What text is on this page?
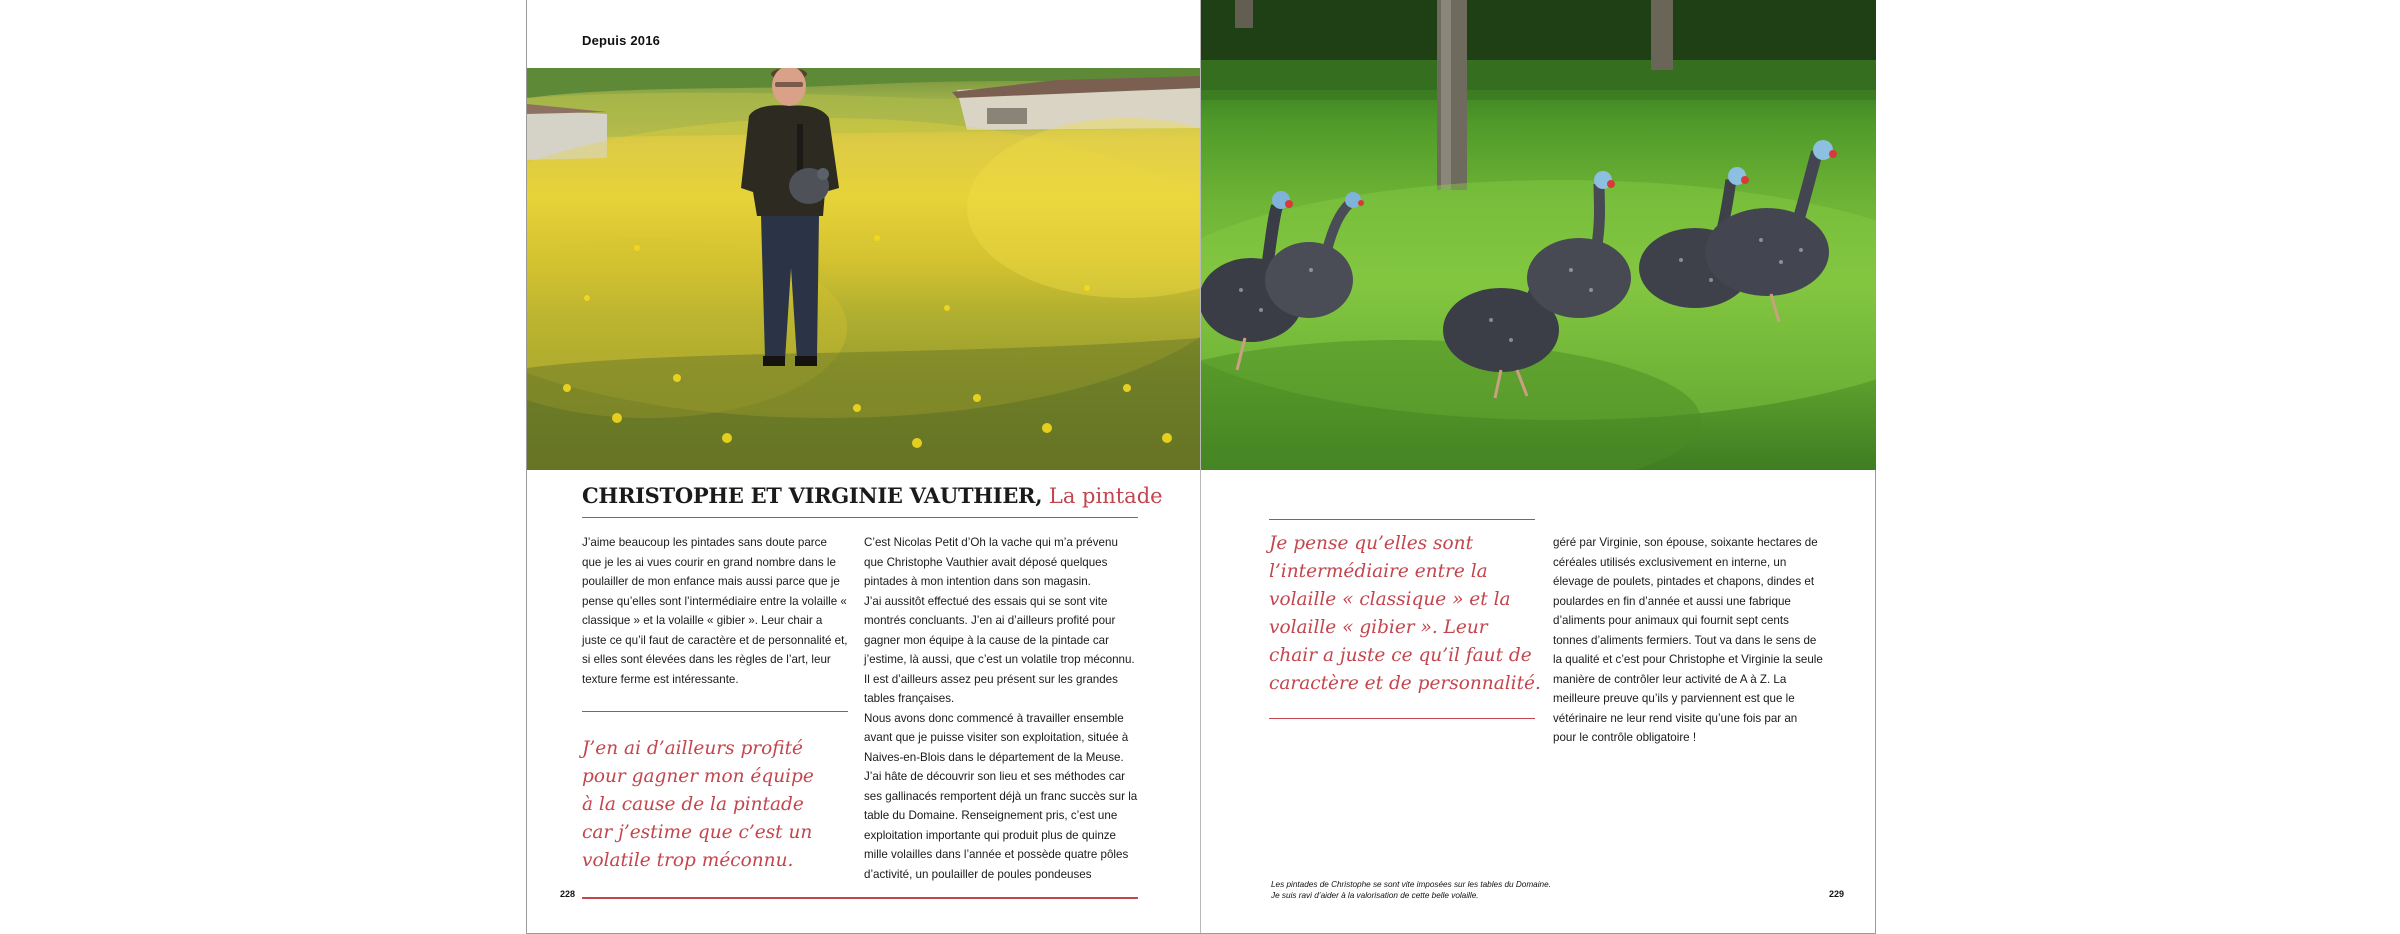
Depuis 2016
CHRISTOPHE ET VIRGINIE VAUTHIER, La pintade

J’aime beaucoup les pintades sans doute parce que je les ai vues courir en grand nombre dans le poulailler de mon enfance mais aussi parce que je pense qu’elles sont l’intermédiaire entre la volaille « classique » et la volaille « gibier ». Leur chair a juste ce qu’il faut de caractère et de personnalité et, si elles sont élevées dans les règles de l’art, leur texture ferme est intéressante.

J’en ai d’ailleurs profité pour gagner mon équipe à la cause de la pintade car j’estime que c’est un volatile trop méconnu.

C’est Nicolas Petit d’Oh la vache qui m’a prévenu que Christophe Vauthier avait déposé quelques pintades à mon intention dans son magasin.

J’ai aussitôt effectué des essais qui se sont vite montrés concluants. J’en ai d’ailleurs profité pour gagner mon équipe à la cause de la pintade car j’estime, là aussi, que c’est un volatile trop méconnu. Il est d’ailleurs assez peu présent sur les grandes tables françaises.

Nous avons donc commencé à travailler ensemble avant que je puisse visiter son exploitation, située à Naives-en-Blois dans le département de la Meuse. J’ai hâte de découvrir son lieu et ses méthodes car ses gallinacés remportent déjà un franc succès sur la table du Domaine. Renseignement pris, c’est une exploitation importante qui produit plus de quinze mille volailles dans l’année et possède quatre pôles d’activité, un poulailler de poules pondeuses

228

Je pense qu’elles sont l’intermédiaire entre la volaille « classique » et la volaille « gibier ». Leur chair a juste ce qu’il faut de caractère et de personnalité.

géré par Virginie, son épouse, soixante hectares de céréales utilisés exclusivement en interne, un élevage de poulets, pintades et chapons, dindes et poulardes en fin d’année et aussi une fabrique d’aliments pour animaux qui fournit sept cents tonnes d’aliments fermiers. Tout va dans le sens de la qualité et c’est pour Christophe et Virginie la seule manière de contrôler leur activité de A à Z. La meilleure preuve qu’ils y parviennent est que le vétérinaire ne leur rend visite qu’une fois par an pour le contrôle obligatoire !

Les pintades de Christophe se sont vite imposées sur les tables du Domaine. Je suis ravi d’aider à la valorisation de cette belle volaille.	229
